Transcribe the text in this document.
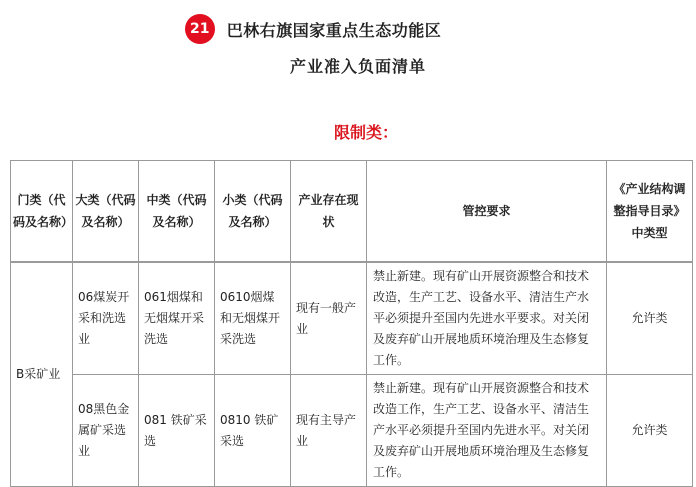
21	巴林右旗国家重点生态功能区
产业准入负面清单
限制类：
门类（代码及名称）	大类（代码及名称）	中类（代码及名称）	小类（代码及名称）	产业存在现状	管控要求	《产业结构调整指导目录》中类型
B采矿业	06煤炭开采和洗选业	061烟煤和无烟煤开采洗选	0610烟煤和无烟煤开采洗选	现有一般产业	禁止新建。现有矿山开展资源整合和技术改造，生产工艺、设备水平、清洁生产水平必须提升至国内先进水平要求。对关闭及废弃矿山开展地质环境治理及生态修复工作。	允许类
	08黑色金属矿采选业	081 铁矿采选	0810 铁矿采选	现有主导产业	禁止新建。现有矿山开展资源整合和技术改造工作，生产工艺、设备水平、清洁生产水平必须提升至国内先进水平。对关闭及废弃矿山开展地质环境治理及生态修复工作。	允许类
